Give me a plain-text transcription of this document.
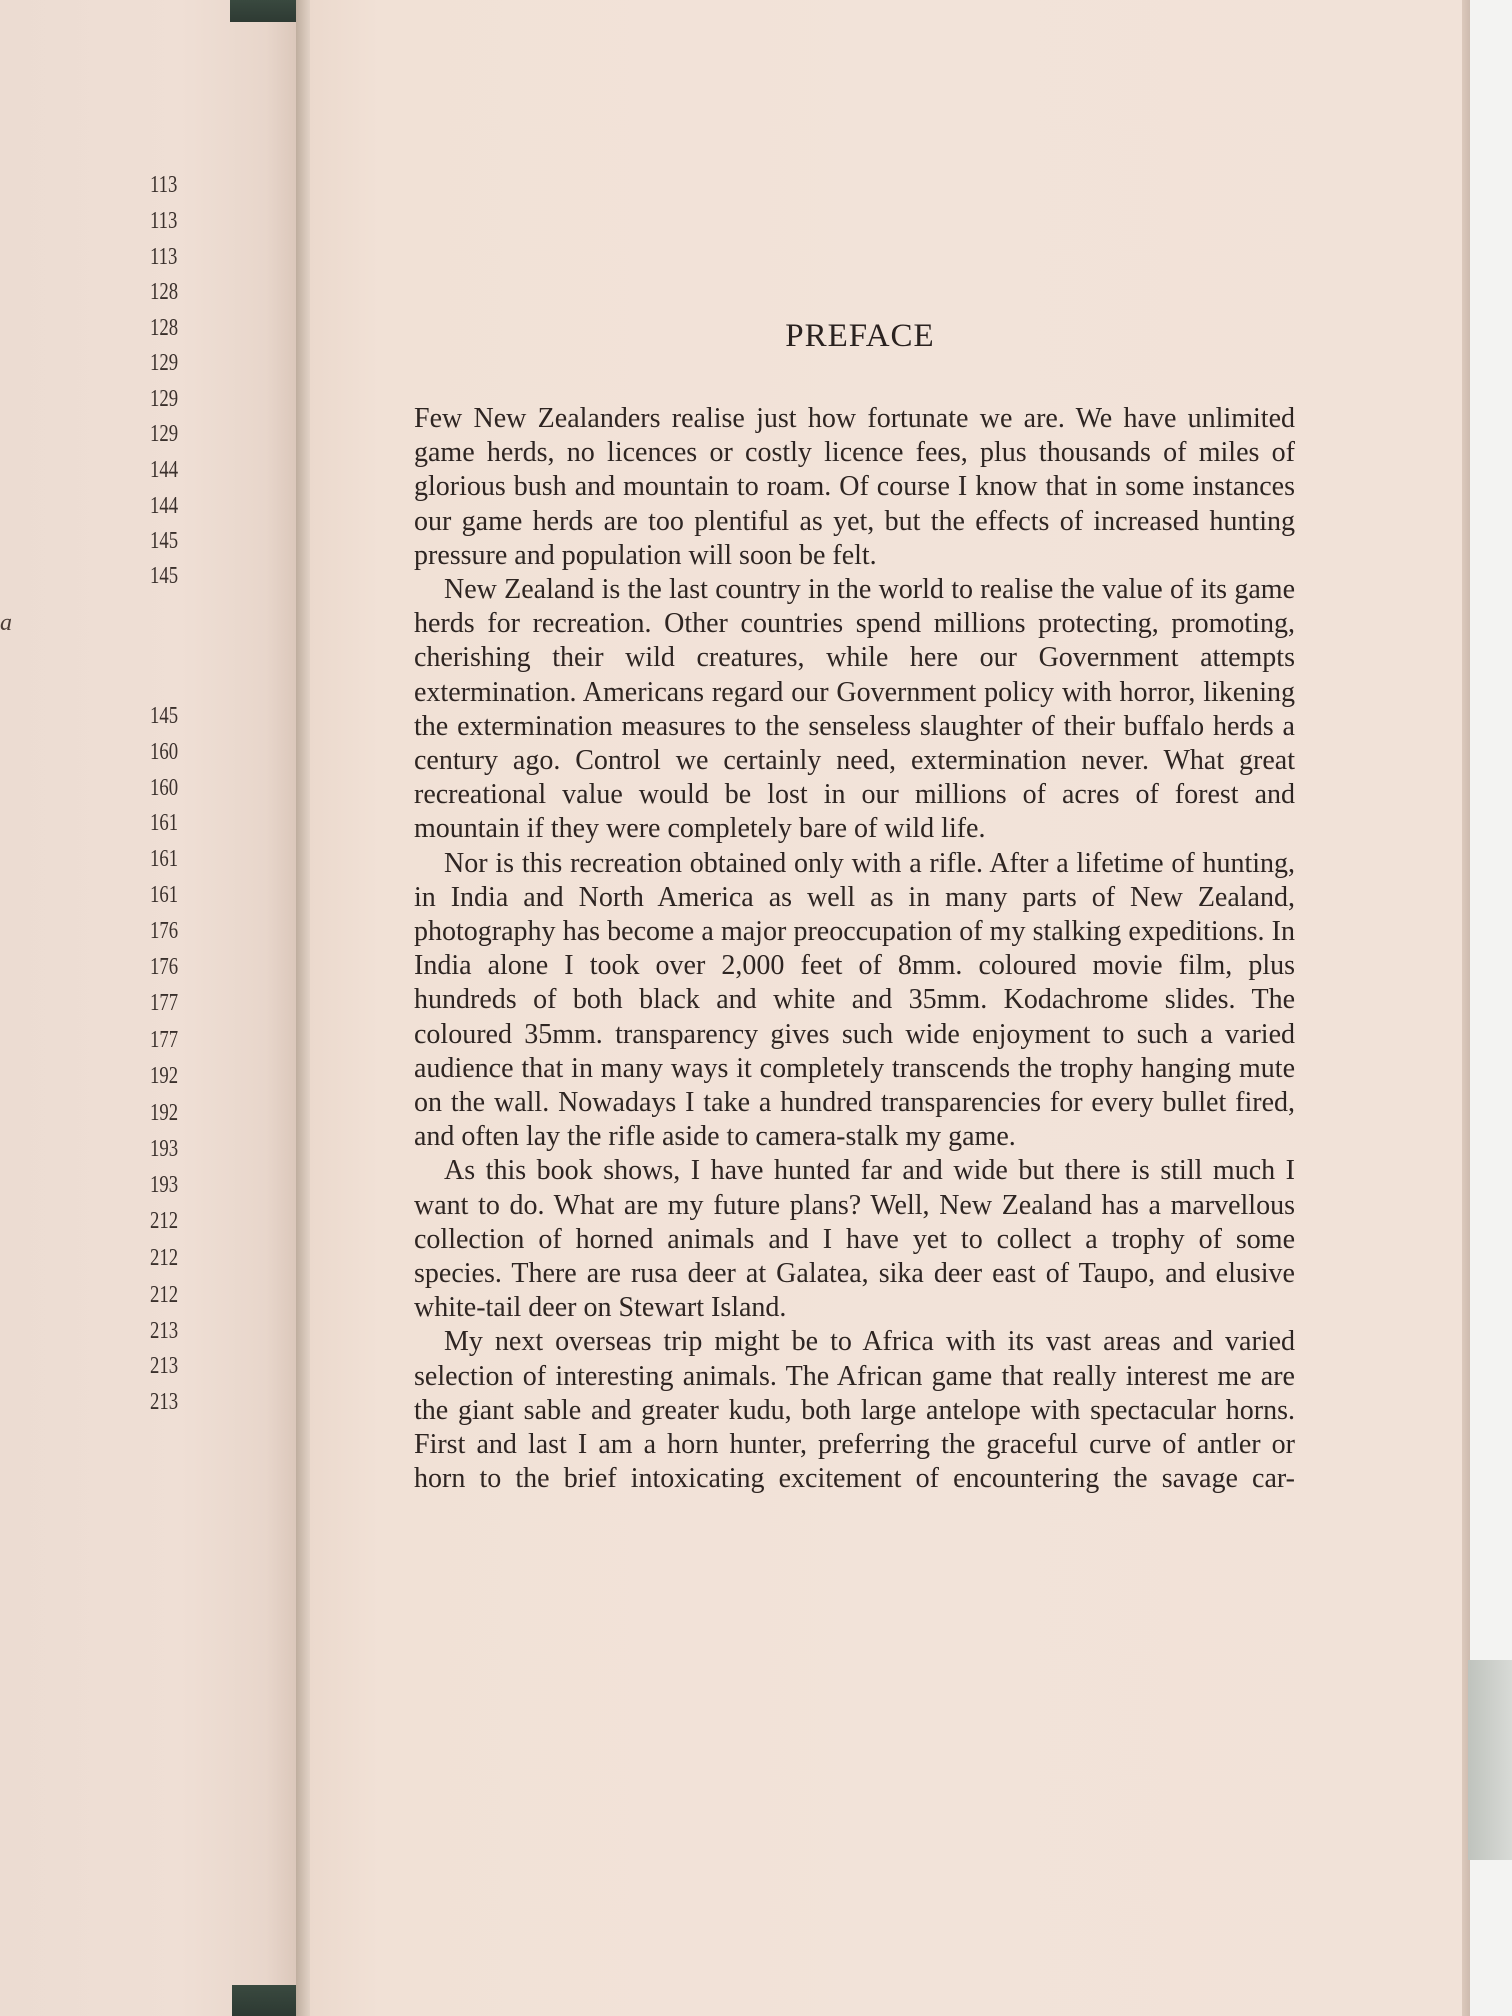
a
113
113
113
128
128
129
129
129
144
144
145
145
145
160
160
161
161
161
176
176
177
177
192
192
193
193
212
212
212
213
213
213
PREFACE

Few New Zealanders realise just how fortunate we are. We have unlimited game herds, no licences or costly licence fees, plus thousands of miles of glorious bush and mountain to roam. Of course I know that in some instances our game herds are too plentiful as yet, but the effects of increased hunting pressure and population will soon be felt.

New Zealand is the last country in the world to realise the value of its game herds for recreation. Other countries spend millions protecting, promoting, cherishing their wild creatures, while here our Government attempts extermination. Americans regard our Government policy with horror, likening the extermination measures to the senseless slaughter of their buffalo herds a century ago. Control we certainly need, extermination never. What great recreational value would be lost in our millions of acres of forest and mountain if they were completely bare of wild life.

Nor is this recreation obtained only with a rifle. After a lifetime of hunting, in India and North America as well as in many parts of New Zealand, photography has become a major preoccupation of my stalking expeditions. In India alone I took over 2,000 feet of 8mm. coloured movie film, plus hundreds of both black and white and 35mm. Kodachrome slides. The coloured 35mm. transparency gives such wide enjoyment to such a varied audience that in many ways it completely transcends the trophy hanging mute on the wall. Nowadays I take a hundred transparencies for every bullet fired, and often lay the rifle aside to camera-stalk my game.

As this book shows, I have hunted far and wide but there is still much I want to do. What are my future plans? Well, New Zealand has a marvellous collection of horned animals and I have yet to collect a trophy of some species. There are rusa deer at Galatea, sika deer east of Taupo, and elusive white-tail deer on Stewart Island.

My next overseas trip might be to Africa with its vast areas and varied selection of interesting animals. The African game that really interest me are the giant sable and greater kudu, both large antelope with spectacular horns. First and last I am a horn hunter, preferring the graceful curve of antler or horn to the brief intoxicating excitement of encountering the savage car-
